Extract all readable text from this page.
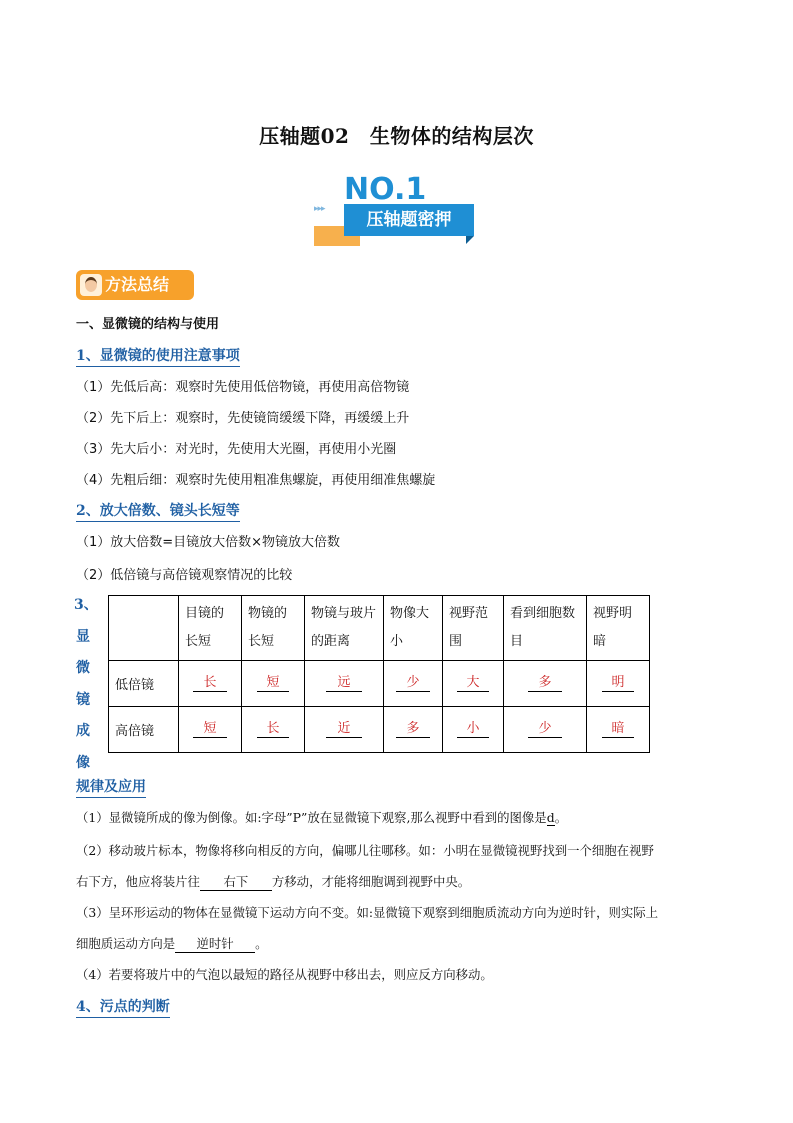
压轴题02　生物体的结构层次
▸▸▸
NO.1
压轴题密押
方法总结
一、显微镜的结构与使用
1、显微镜的使用注意事项
（1）先低后高：观察时先使用低倍物镜，再使用高倍物镜
（2）先下后上：观察时，先使镜筒缓缓下降，再缓缓上升
（3）先大后小：对光时，先使用大光圈，再使用小光圈
（4）先粗后细：观察时先使用粗准焦螺旋，再使用细准焦螺旋
2、放大倍数、镜头长短等
（1）放大倍数=目镜放大倍数×物镜放大倍数
（2）低倍镜与高倍镜观察情况的比较
3、
显
微
镜
成
像
	目镜的长短	物镜的长短	物镜与玻片的距离	物像大小	视野范围	看到细胞数目	视野明暗
低倍镜	长	短	远	少	大	多	明
高倍镜	短	长	近	多	小	少	暗
规律及应用
（1）显微镜所成的像为倒像。如:字母”P”放在显微镜下观察,那么视野中看到的图像是d。
（2）移动玻片标本，物像将移向相反的方向，偏哪儿往哪移。如：小明在显微镜视野找到一个细胞在视野
右下方，他应将装片往 右下 方移动，才能将细胞调到视野中央。
（3）呈环形运动的物体在显微镜下运动方向不变。如:显微镜下观察到细胞质流动方向为逆时针，则实际上
细胞质运动方向是 逆时针 。
（4）若要将玻片中的气泡以最短的路径从视野中移出去，则应反方向移动。
4、污点的判断
